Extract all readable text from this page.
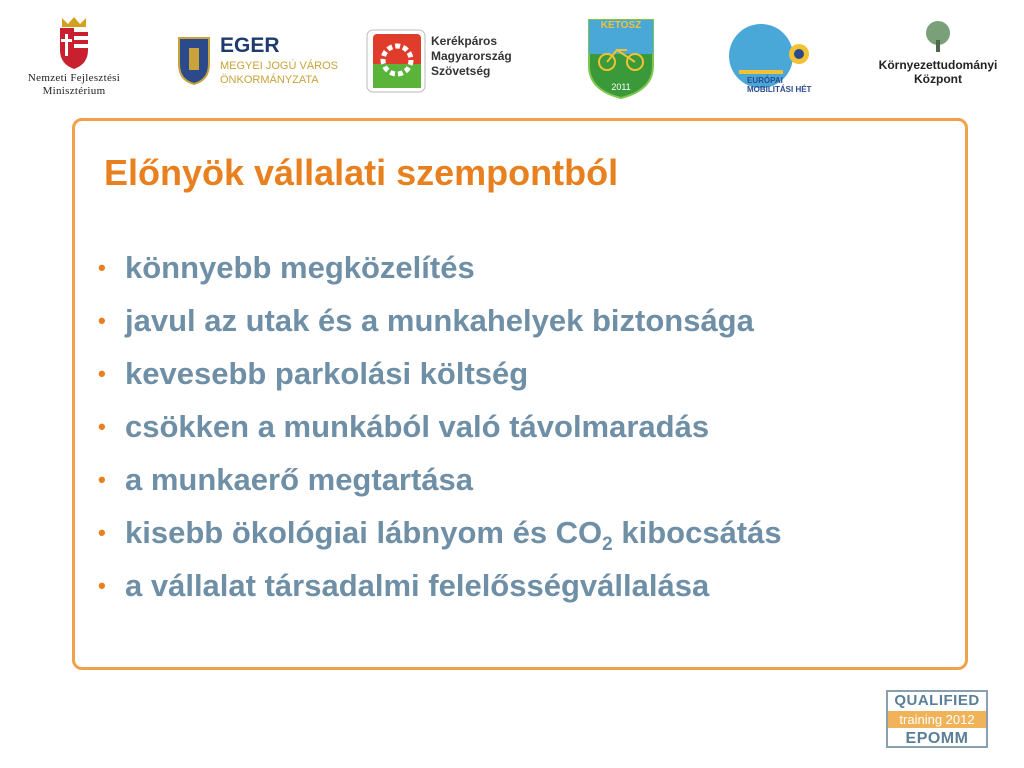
Nemzeti Fejlesztési
Minisztérium
EGER
MEGYEI JOGÚ VÁROS
ÖNKORMÁNYZATA
Kerékpáros
Magyarország
Szövetség
KETOSZ
2011
EURÓPAI
MOBILITÁSI HÉT
Környezettudományi
Központ
Előnyök vállalati szempontból
• könnyebb megközelítés
• javul az utak és a munkahelyek biztonsága
• kevesebb parkolási költség
• csökken a munkából való távolmaradás
• a munkaerő megtartása
• kisebb ökológiai lábnyom és $CO_2$ kibocsátás
• a vállalat társadalmi felelősségvállalása
QUALIFIED
training 2012
EPOMM
